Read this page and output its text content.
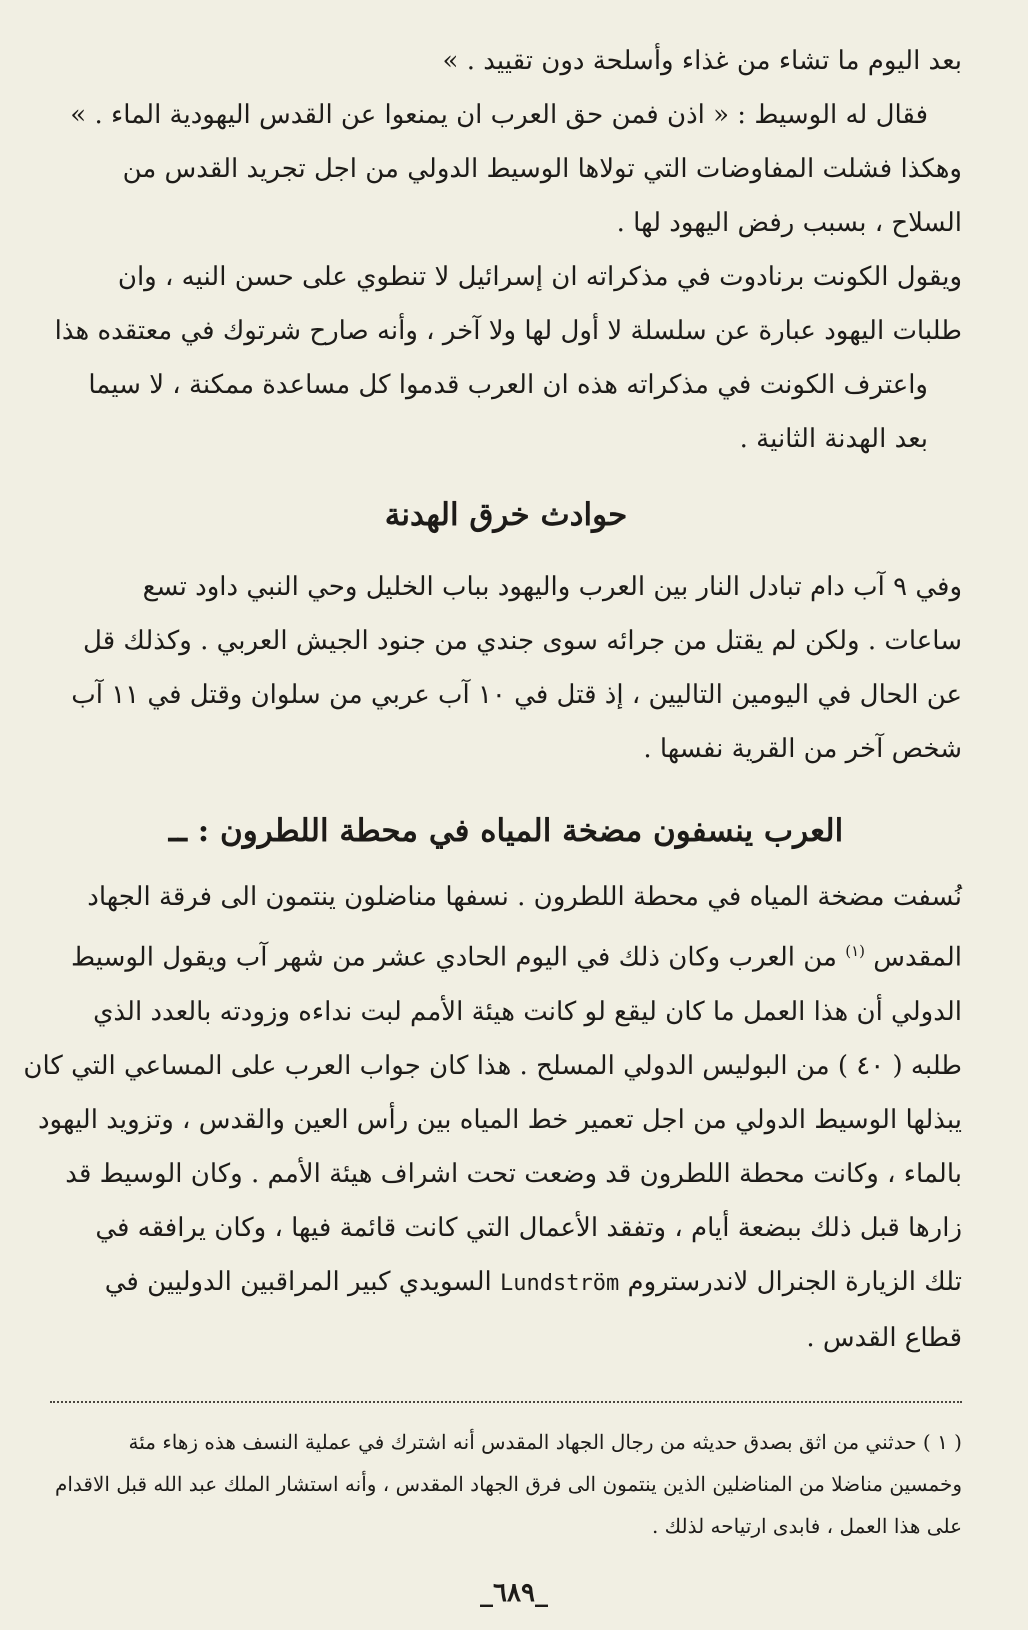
بعد اليوم ما تشاء من غذاء وأسلحة دون تقييد . »

فقال له الوسيط : « اذن فمن حق العرب ان يمنعوا عن القدس اليهودية الماء . »

وهكذا فشلت المفاوضات التي تولاها الوسيط الدولي من اجل تجريد القدس من
السلاح ، بسبب رفض اليهود لها .

ويقول الكونت برنادوت في مذكراته ان إسرائيل لا تنطوي على حسن النيه ، وان
طلبات اليهود عبارة عن سلسلة لا أول لها ولا آخر ، وأنه صارح شرتوك في معتقده هذا

واعترف الكونت في مذكراته هذه ان العرب قدموا كل مساعدة ممكنة ، لا سيما
بعد الهدنة الثانية .

حوادث خرق الهدنة

وفي ٩ آب دام تبادل النار بين العرب واليهود بباب الخليل وحي النبي داود تسع
ساعات . ولكن لم يقتل من جرائه سوى جندي من جنود الجيش العربي . وكذلك قل
عن الحال في اليومين التاليين ، إذ قتل في ١٠ آب عربي من سلوان وقتل في ١١ آب
شخص آخر من القرية نفسها .

العرب ينسفون مضخة المياه في محطة اللطرون : ــ

نُسفت مضخة المياه في محطة اللطرون . نسفها مناضلون ينتمون الى فرقة الجهاد
المقدس $^{(١)}$ من العرب وكان ذلك في اليوم الحادي عشر من شهر آب ويقول الوسيط
الدولي أن هذا العمل ما كان ليقع لو كانت هيئة الأمم لبت نداءه وزودته بالعدد الذي
طلبه ( ٤٠ ) من البوليس الدولي المسلح . هذا كان جواب العرب على المساعي التي كان
يبذلها الوسيط الدولي من اجل تعمير خط المياه بين رأس العين والقدس ، وتزويد اليهود
بالماء ، وكانت محطة اللطرون قد وضعت تحت اشراف هيئة الأمم . وكان الوسيط قد
زارها قبل ذلك ببضعة أيام ، وتفقد الأعمال التي كانت قائمة فيها ، وكان يرافقه في
تلك الزيارة الجنرال لاندرستروم Lundström السويدي كبير المراقبين الدوليين في
قطاع القدس .

( ١ ) حدثني من اثق بصدق حديثه من رجال الجهاد المقدس أنه اشترك في عملية النسف هذه زهاء مئة
وخمسين مناضلا من المناضلين الذين ينتمون الى فرق الجهاد المقدس ، وأنه استشار الملك عبد الله قبل الاقدام
على هذا العمل ، فابدى ارتياحه لذلك .

_٦٨٩_
